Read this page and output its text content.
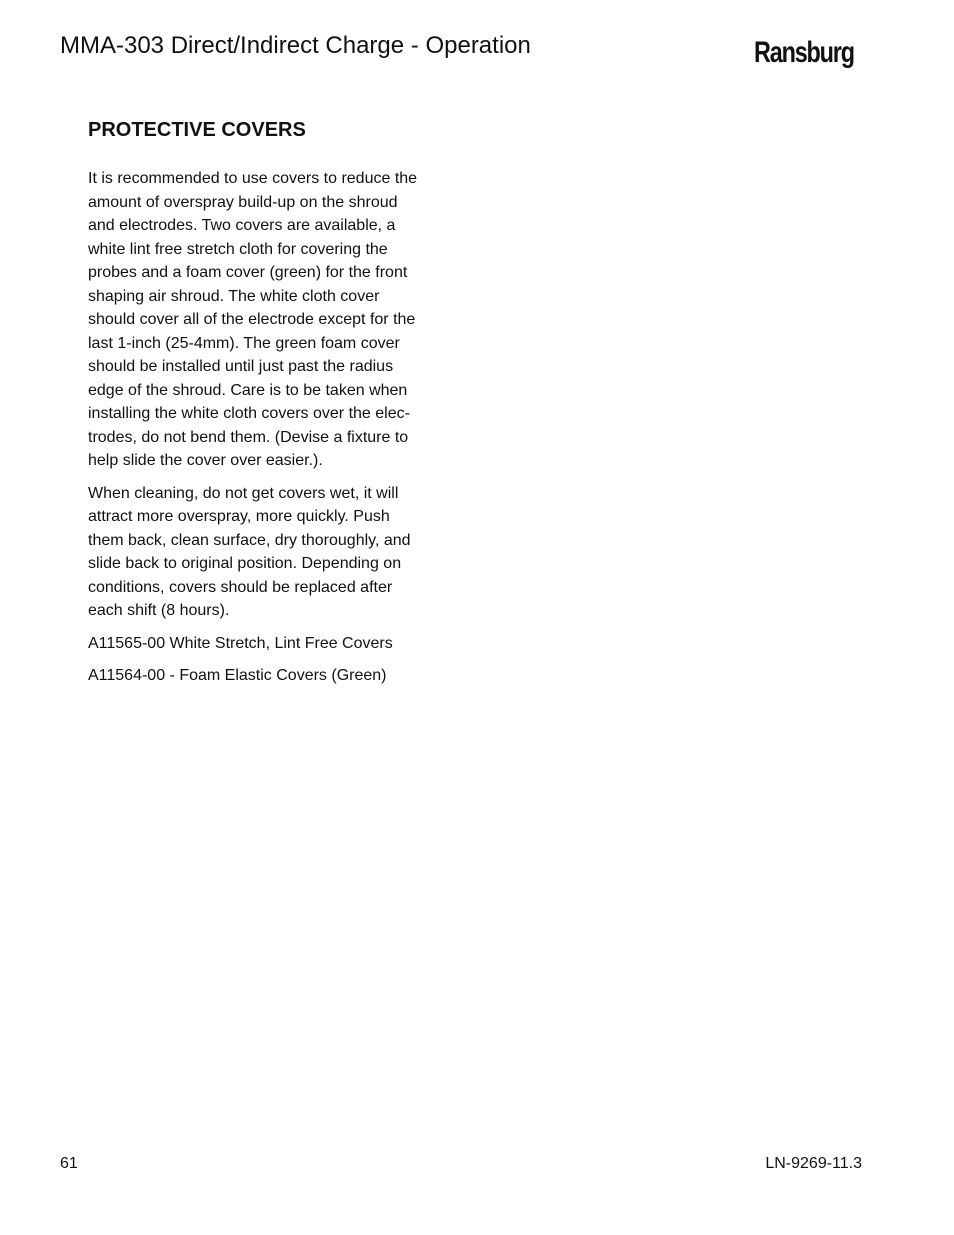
MMA-303 Direct/Indirect Charge - Operation	Ransburg
PROTECTIVE COVERS

It is recommended to use covers to reduce the
amount of overspray build-up on the shroud
and electrodes. Two covers are available, a
white lint free stretch cloth for covering the
probes and a foam cover (green) for the front
shaping air shroud. The white cloth cover
should cover all of the electrode except for the
last 1-inch (25-4mm). The green foam cover
should be installed until just past the radius
edge of the shroud. Care is to be taken when
installing the white cloth covers over the elec-
trodes, do not bend them. (Devise a fixture to
help slide the cover over easier.).

When cleaning, do not get covers wet, it will
attract more overspray, more quickly. Push
them back, clean surface, dry thoroughly, and
slide back to original position. Depending on
conditions, covers should be replaced after
each shift (8 hours).

A11565-00 White Stretch, Lint Free Covers

A11564-00 - Foam Elastic Covers (Green)

61	LN-9269-11.3
